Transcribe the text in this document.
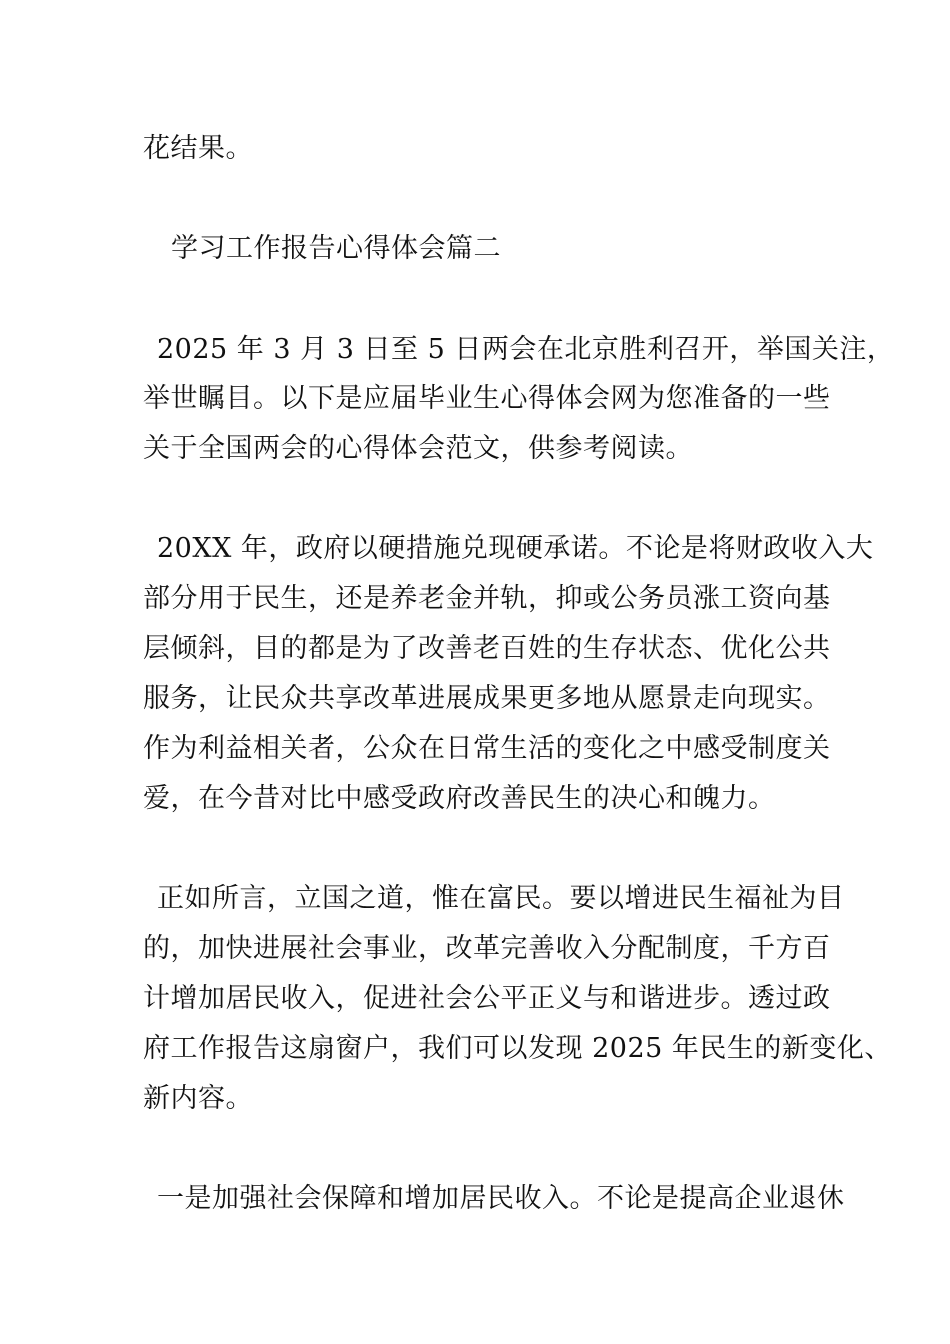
花结果。
学习工作报告心得体会篇二
2025 年 3 月 3 日至 5 日两会在北京胜利召开，举国关注，
举世瞩目。以下是应届毕业生心得体会网为您准备的一些
关于全国两会的心得体会范文，供参考阅读。
20XX 年，政府以硬措施兑现硬承诺。不论是将财政收入大
部分用于民生，还是养老金并轨，抑或公务员涨工资向基
层倾斜，目的都是为了改善老百姓的生存状态、优化公共
服务，让民众共享改革进展成果更多地从愿景走向现实。
作为利益相关者，公众在日常生活的变化之中感受制度关
爱，在今昔对比中感受政府改善民生的决心和魄力。
正如所言，立国之道，惟在富民。要以增进民生福祉为目
的，加快进展社会事业，改革完善收入分配制度，千方百
计增加居民收入，促进社会公平正义与和谐进步。透过政
府工作报告这扇窗户，我们可以发现 2025 年民生的新变化、
新内容。
一是加强社会保障和增加居民收入。不论是提高企业退休
